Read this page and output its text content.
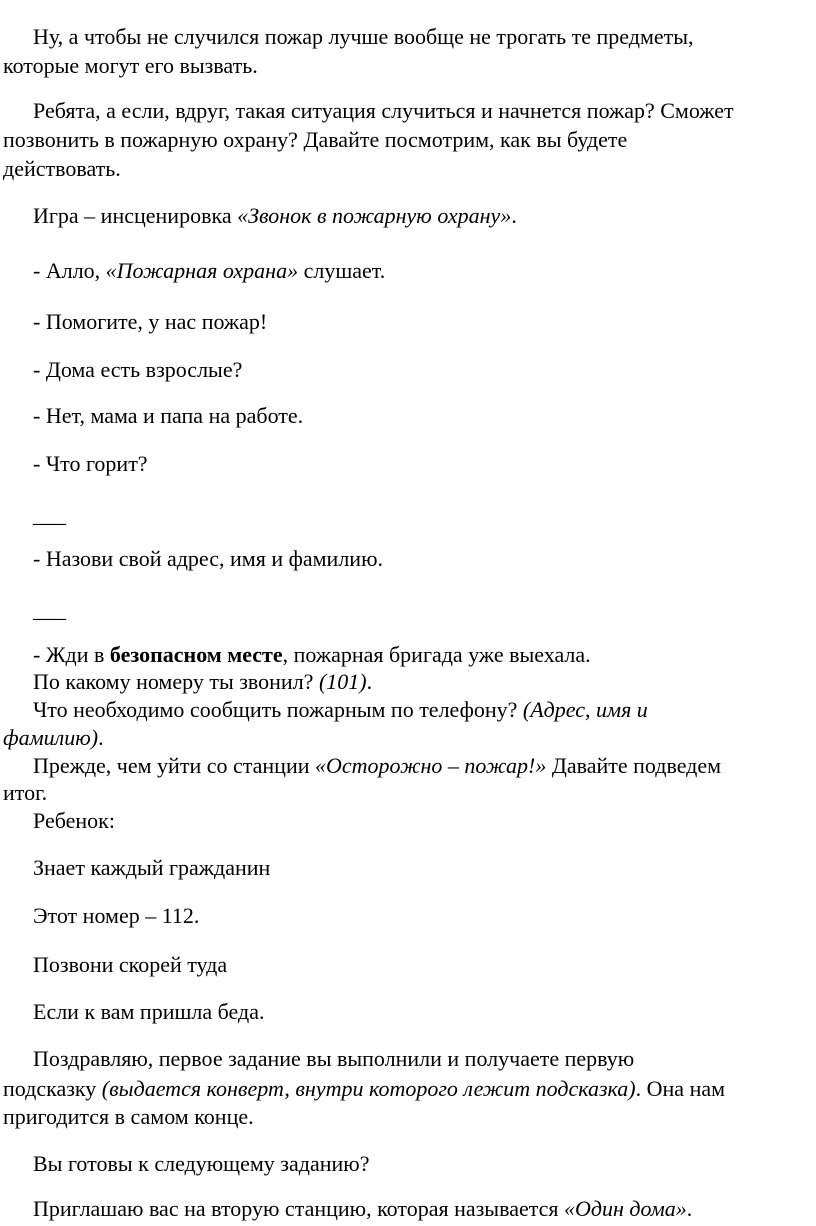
Ну, а чтобы не случился пожар лучше вообще не трогать те предметы,
которые могут его вызвать.
Ребята, а если, вдруг, такая ситуация случиться и начнется пожар? Сможет
позвонить в пожарную охрану? Давайте посмотрим, как вы будете
действовать.
Игра – инсценировка «Звонок в пожарную охрану».
- Алло, «Пожарная охрана» слушает.
- Помогите, у нас пожар!
- Дома есть взрослые?
- Нет, мама и папа на работе.
- Что горит?
___
- Назови свой адрес, имя и фамилию.
___
- Жди в безопасном месте, пожарная бригада уже выехала.
По какому номеру ты звонил? (101).
Что необходимо сообщить пожарным по телефону? (Адрес, имя и
фамилию).
Прежде, чем уйти со станции «Осторожно – пожар!» Давайте подведем
итог.
Ребенок:
Знает каждый гражданин
Этот номер – 112.
Позвони скорей туда
Если к вам пришла беда.
Поздравляю, первое задание вы выполнили и получаете первую
подсказку (выдается конверт, внутри которого лежит подсказка). Она нам
пригодится в самом конце.
Вы готовы к следующему заданию?
Приглашаю вас на вторую станцию, которая называется «Один дома».
